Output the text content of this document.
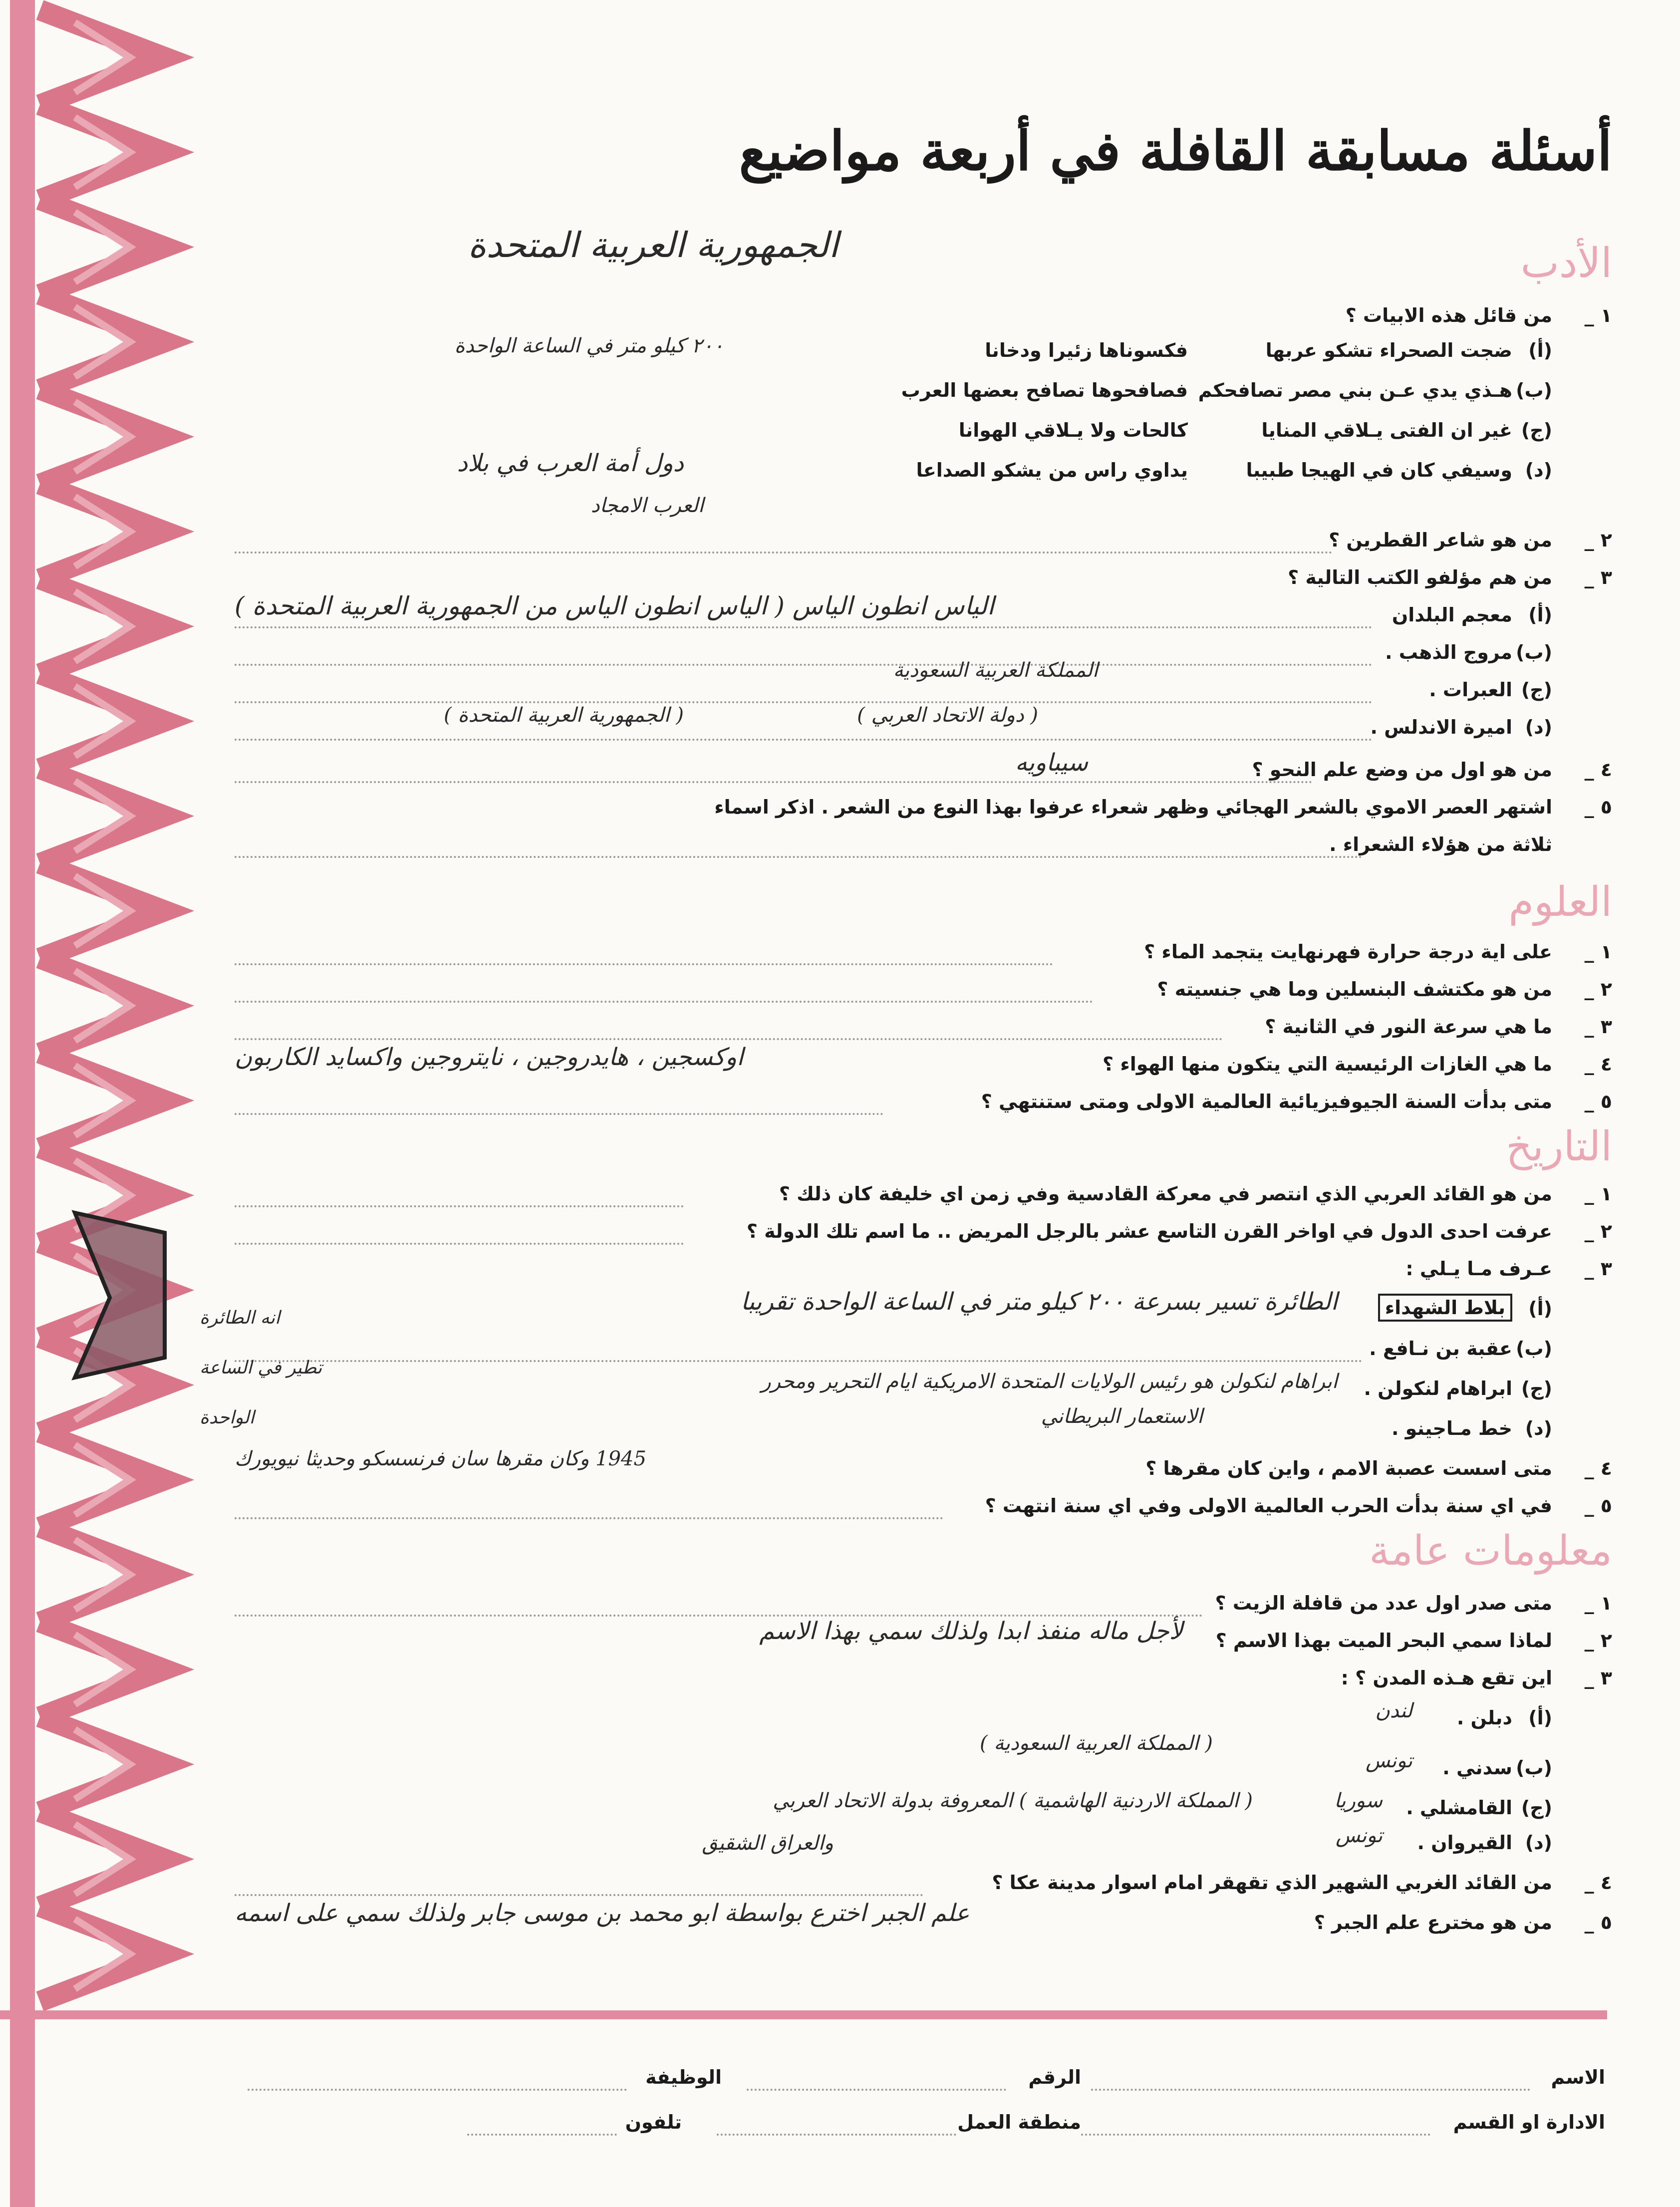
أسئلة مسابقة القافلة في أربعة مواضيع
الجمهورية العربية المتحدة	الأدب
١ _
من قائل هذه الابيات ؟
(أ)
ضجت الصحراء تشكو عربها
فكسوناها زئيرا ودخانا
(ب)
هـذي يدي عـن بني مصر تصافحكم
فصافحوها تصافح بعضها العرب
(ج)
غير ان الفتى يـلاقي المنايا
كالحات ولا يـلاقي الهوانا
(د)
وسيفي كان في الهيجا طبيبا
يداوي راس من يشكو الصداعا
٢٠٠ كيلو متر في الساعة الواحدة
دول أمة العرب في بلاد
العرب الامجاد
٢ _
من هو شاعر القطرين ؟
٣ _
من هم مؤلفو الكتب التالية ؟
(أ)
معجم البلدان
(ب)
مروج الذهب .
(ج)
العبرات .
(د)
اميرة الاندلس .
الياس انطون الياس ( الياس انطون الياس من الجمهورية العربية المتحدة )
المملكة العربية السعودية
( دولة الاتحاد العربي )
( الجمهورية العربية المتحدة )
٤ _
من هو اول من وضع علم النحو ؟
سيباويه
٥ _
اشتهر العصر الاموي بالشعر الهجائي وظهر شعراء عرفوا بهذا النوع من الشعر . اذكر اسماء
ثلاثة من هؤلاء الشعراء .
العلوم
١ _
على اية درجة حرارة فهرنهايت يتجمد الماء ؟
٢ _
من هو مكتشف البنسلين وما هي جنسيته ؟
٣ _
ما هي سرعة النور في الثانية ؟
٤ _
ما هي الغازات الرئيسية التي يتكون منها الهواء ؟
اوكسجين ، هايدروجين ، نايتروجين واكسايد الكاربون
٥ _
متى بدأت السنة الجيوفيزيائية العالمية الاولى ومتى ستنتهي ؟
التاريخ
١ _
من هو القائد العربي الذي انتصر في معركة القادسية وفي زمن اي خليفة كان ذلك ؟
٢ _
عرفت احدى الدول في اواخر القرن التاسع عشر بالرجل المريض .. ما اسم تلك الدولة ؟
٣ _
عـرف مـا يـلي :
(أ)
بلاط الشهداء
الطائرة تسير بسرعة ٢٠٠ كيلو متر في الساعة الواحدة تقريبا
(ب)
عقبة بن نـافع .
(ج)
ابراهام لنكولن .
ابراهام لنكولن هو رئيس الولايات المتحدة الامريكية ايام التحرير ومحرر
(د)
خط مـاجينو .
الاستعمار البريطاني
انه الطائرة
تطير في الساعة
الواحدة
٤ _
متى اسست عصبة الامم ، واين كان مقرها ؟
1945 وكان مقرها سان فرنسسكو وحديثا نيويورك
٥ _
في اي سنة بدأت الحرب العالمية الاولى وفي اي سنة انتهت ؟
معلومات عامة
١ _
متى صدر اول عدد من قافلة الزيت ؟
٢ _
لماذا سمي البحر الميت بهذا الاسم ؟
لأجل ماله منفذ ابدا ولذلك سمي بهذا الاسم
٣ _
اين تقع هـذه المدن ؟ :
(أ)
دبلن .
لندن
( المملكة العربية السعودية )
(ب)
سدني .
تونس
(ج)
القامشلي .
سوريا
( المملكة الاردنية الهاشمية ) المعروفة بدولة الاتحاد العربي
(د)
القيروان .
تونس
والعراق الشقيق
٤ _
من القائد الغربي الشهير الذي تقهقر امام اسوار مدينة عكا ؟
٥ _
من هو مخترع علم الجبر ؟
علم الجبر اخترع بواسطة ابو محمد بن موسى جابر ولذلك سمي على اسمه
الاسم
الرقم
الوظيفة
الادارة او القسم
منطقة العمل
تلفون
